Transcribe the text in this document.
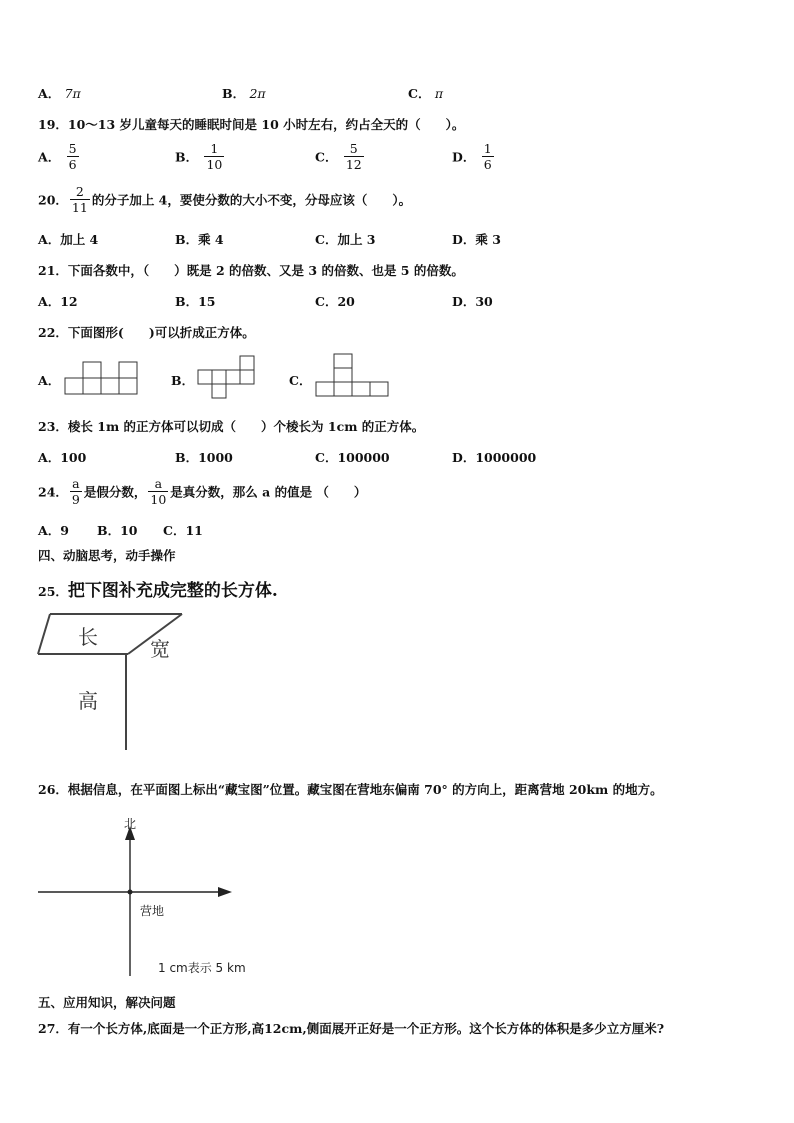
A． 7π	B． 2π	C． π
19．10～13 岁儿童每天的睡眠时间是 10 小时左右，约占全天的（　　）。
A． $\frac{5}{6}$	B． $\frac{1}{10}$	C． $\frac{5}{12}$	D． $\frac{1}{6}$
20． $\frac{2}{11}$ 的分子加上 4，要使分数的大小不变，分母应该（　　）。
A．加上 4	B．乘 4	C．加上 3	D．乘 3
21．下面各数中，（　　）既是 2 的倍数、又是 3 的倍数、也是 5 的倍数。
A．12	B．15	C．20	D．30
22．下面图形(　　)可以折成正方体。
A．	B．	C．
23．棱长 1m 的正方体可以切成（　　）个棱长为 1cm 的正方体。
A．100	B．1000	C．100000	D．1000000
24． $\frac{a}{9}$ 是假分数， $\frac{a}{10}$ 是真分数，那么 a 的值是 （　　）
A．9 B．10 C．11
四、动脑思考，动手操作
25．把下图补充成完整的长方体.
长	宽
高
26．根据信息，在平面图上标出“藏宝图”位置。藏宝图在营地东偏南 70° 的方向上，距离营地 20km 的地方。
北
营地
1 cm表示 5 km
五、应用知识，解决问题
27．有一个长方体,底面是一个正方形,高12cm,侧面展开正好是一个正方形。这个长方体的体积是多少立方厘米?
